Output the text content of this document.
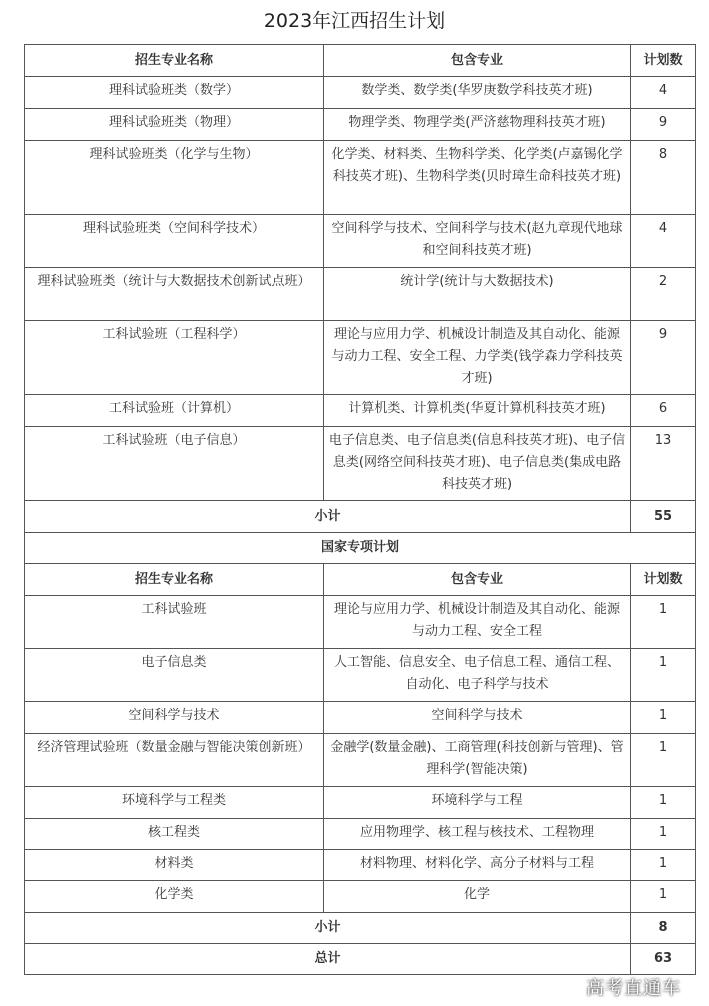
2023年江西招生计划
招生专业名称	包含专业	计划数
理科试验班类（数学）	数学类、数学类(华罗庚数学科技英才班)	4
理科试验班类（物理）	物理学类、物理学类(严济慈物理科技英才班)	9
理科试验班类（化学与生物）	化学类、材料类、生物科学类、化学类(卢嘉锡化学科技英才班)、生物科学类(贝时璋生命科技英才班)	8
理科试验班类（空间科学技术）	空间科学与技术、空间科学与技术(赵九章现代地球和空间科技英才班)	4
理科试验班类（统计与大数据技术创新试点班）	统计学(统计与大数据技术)	2
工科试验班（工程科学）	理论与应用力学、机械设计制造及其自动化、能源与动力工程、安全工程、力学类(钱学森力学科技英才班)	9
工科试验班（计算机）	计算机类、计算机类(华夏计算机科技英才班)	6
工科试验班（电子信息）	电子信息类、电子信息类(信息科技英才班)、电子信息类(网络空间科技英才班)、电子信息类(集成电路科技英才班)	13
小计		55
国家专项计划		
招生专业名称	包含专业	计划数
工科试验班	理论与应用力学、机械设计制造及其自动化、能源与动力工程、安全工程	1
电子信息类	人工智能、信息安全、电子信息工程、通信工程、自动化、电子科学与技术	1
空间科学与技术	空间科学与技术	1
经济管理试验班（数量金融与智能决策创新班）	金融学(数量金融)、工商管理(科技创新与管理)、管理科学(智能决策)	1
环境科学与工程类	环境科学与工程	1
核工程类	应用物理学、核工程与核技术、工程物理	1
材料类	材料物理、材料化学、高分子材料与工程	1
化学类	化学	1
小计		8
总计		63
高考直通车
